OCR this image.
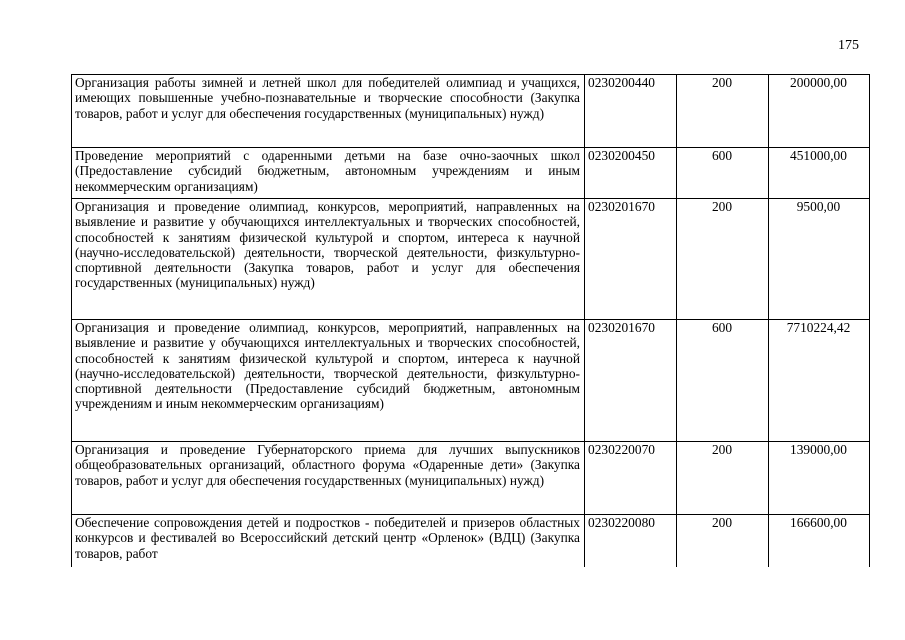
175
Организация работы зимней и летней школ для победителей олимпиад и учащихся, имеющих повышенные учебно-познавательные и творческие способности (Закупка товаров, работ и услуг для обеспечения государственных (муниципальных) нужд)	0230200440	200	200000,00
Проведение мероприятий с одаренными детьми на базе очно-заочных школ (Предоставление субсидий бюджетным, автономным учреждениям и иным некоммерческим организациям)	0230200450	600	451000,00
Организация и проведение олимпиад, конкурсов, мероприятий, направленных на выявление и развитие у обучающихся интеллектуальных и творческих способностей, способностей к занятиям физической культурой и спортом, интереса к научной (научно-исследовательской) деятельности, творческой деятельности, физкультурно-спортивной деятельности (Закупка товаров, работ и услуг для обеспечения государственных (муниципальных) нужд)	0230201670	200	9500,00
Организация и проведение олимпиад, конкурсов, мероприятий, направленных на выявление и развитие у обучающихся интеллектуальных и творческих способностей, способностей к занятиям физической культурой и спортом, интереса к научной (научно-исследовательской) деятельности, творческой деятельности, физкультурно-спортивной деятельности (Предоставление субсидий бюджетным, автономным учреждениям и иным некоммерческим организациям)	0230201670	600	7710224,42
Организация и проведение Губернаторского приема для лучших выпускников общеобразовательных организаций, областного форума «Одаренные дети» (Закупка товаров, работ и услуг для обеспечения государственных (муниципальных) нужд)	0230220070	200	139000,00
Обеспечение сопровождения детей и подростков - победителей и призеров областных конкурсов и фестивалей во Всероссийский детский центр «Орленок» (ВДЦ) (Закупка товаров, работ	0230220080	200	166600,00
